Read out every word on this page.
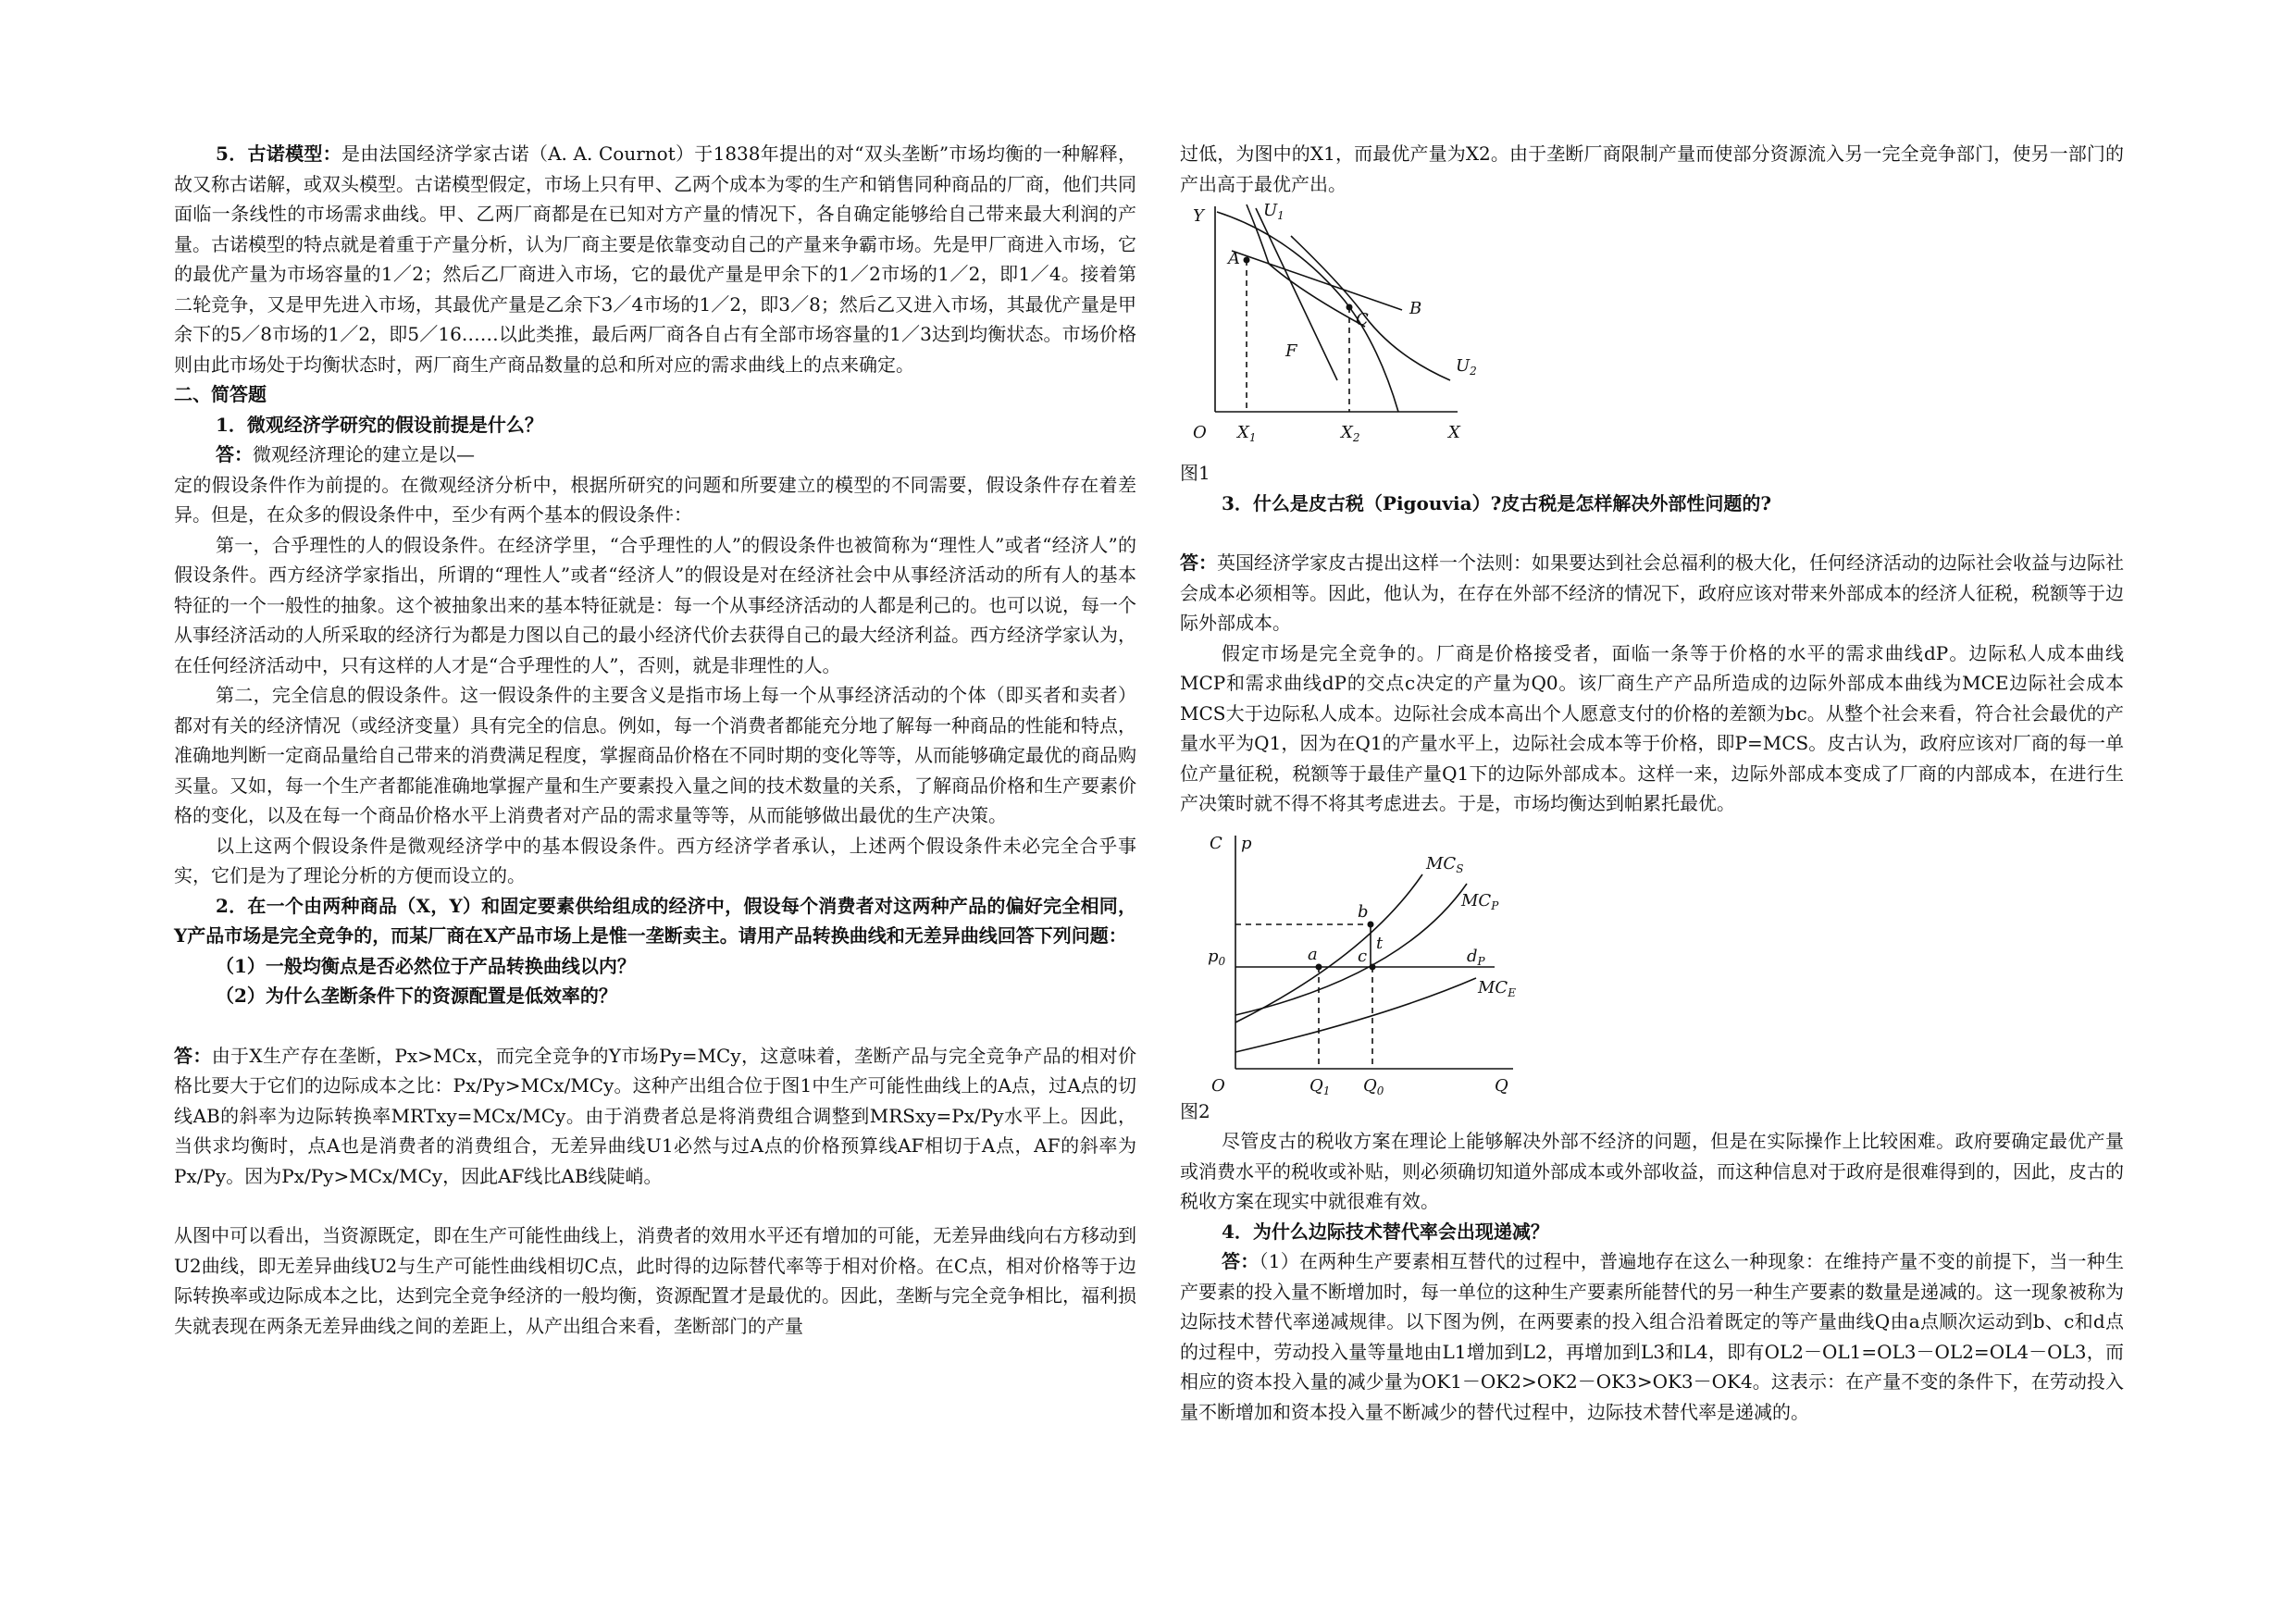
5．古诺模型：是由法国经济学家古诺（A. A. Cournot）于1838年提出的对“双头垄断”市场均衡的一种解释，故又称古诺解，或双头模型。古诺模型假定，市场上只有甲、乙两个成本为零的生产和销售同种商品的厂商，他们共同面临一条线性的市场需求曲线。甲、乙两厂商都是在已知对方产量的情况下，各自确定能够给自己带来最大利润的产量。古诺模型的特点就是着重于产量分析，认为厂商主要是依靠变动自己的产量来争霸市场。先是甲厂商进入市场，它的最优产量为市场容量的1／2；然后乙厂商进入市场，它的最优产量是甲余下的1／2市场的1／2，即1／4。接着第二轮竞争，又是甲先进入市场，其最优产量是乙余下3／4市场的1／2，即3／8；然后乙又进入市场，其最优产量是甲余下的5／8市场的1／2，即5／16……以此类推，最后两厂商各自占有全部市场容量的1／3达到均衡状态。市场价格则由此市场处于均衡状态时，两厂商生产商品数量的总和所对应的需求曲线上的点来确定。

二、简答题

1．微观经济学研究的假设前提是什么？

答：微观经济理论的建立是以—

定的假设条件作为前提的。在微观经济分析中，根据所研究的问题和所要建立的模型的不同需要，假设条件存在着差异。但是，在众多的假设条件中，至少有两个基本的假设条件：

第一，合乎理性的人的假设条件。在经济学里，“合乎理性的人”的假设条件也被简称为“理性人”或者“经济人”的假设条件。西方经济学家指出，所谓的“理性人”或者“经济人”的假设是对在经济社会中从事经济活动的所有人的基本特征的一个一般性的抽象。这个被抽象出来的基本特征就是：每一个从事经济活动的人都是利己的。也可以说，每一个从事经济活动的人所采取的经济行为都是力图以自己的最小经济代价去获得自己的最大经济利益。西方经济学家认为，在任何经济活动中，只有这样的人才是“合乎理性的人”，否则，就是非理性的人。

第二，完全信息的假设条件。这一假设条件的主要含义是指市场上每一个从事经济活动的个体（即买者和卖者）都对有关的经济情况（或经济变量）具有完全的信息。例如，每一个消费者都能充分地了解每一种商品的性能和特点，准确地判断一定商品量给自己带来的消费满足程度，掌握商品价格在不同时期的变化等等，从而能够确定最优的商品购买量。又如，每一个生产者都能准确地掌握产量和生产要素投入量之间的技术数量的关系，了解商品价格和生产要素价格的变化，以及在每一个商品价格水平上消费者对产品的需求量等等，从而能够做出最优的生产决策。

以上这两个假设条件是微观经济学中的基本假设条件。西方经济学者承认，上述两个假设条件未必完全合乎事实，它们是为了理论分析的方便而设立的。

2．在一个由两种商品（X，Y）和固定要素供给组成的经济中，假设每个消费者对这两种产品的偏好完全相同，Y产品市场是完全竞争的，而某厂商在X产品市场上是惟一垄断卖主。请用产品转换曲线和无差异曲线回答下列问题：

（1）一般均衡点是否必然位于产品转换曲线以内？

（2）为什么垄断条件下的资源配置是低效率的？

答：由于X生产存在垄断，Px>MCx，而完全竞争的Y市场Py=MCy，这意味着，垄断产品与完全竞争产品的相对价格比要大于它们的边际成本之比：Px/Py>MCx/MCy。这种产出组合位于图1中生产可能性曲线上的A点，过A点的切线AB的斜率为边际转换率MRTxy=MCx/MCy。由于消费者总是将消费组合调整到MRSxy=Px/Py水平上。因此，当供求均衡时，点A也是消费者的消费组合，无差异曲线U1必然与过A点的价格预算线AF相切于A点，AF的斜率为Px/Py。因为Px/Py>MCx/MCy，因此AF线比AB线陡峭。

从图中可以看出，当资源既定，即在生产可能性曲线上，消费者的效用水平还有增加的可能，无差异曲线向右方移动到U2曲线，即无差异曲线U2与生产可能性曲线相切C点，此时得的边际替代率等于相对价格。在C点，相对价格等于边际转换率或边际成本之比，达到完全竞争经济的一般均衡，资源配置才是最优的。因此，垄断与完全竞争相比，福利损失就表现在两条无差异曲线之间的差距上，从产出组合来看，垄断部门的产量

过低，为图中的X1，而最优产量为X2。由于垄断厂商限制产量而使部分资源流入另一完全竞争部门，使另一部门的产出高于最优产出。

Y
O	X
$X_1$	$X_2$
$U_1$
$U_2$
A
B
C
F

图1

3．什么是皮古税（Pigouvia）?皮古税是怎样解决外部性问题的?

答：英国经济学家皮古提出这样一个法则：如果要达到社会总福利的极大化，任何经济活动的边际社会收益与边际社会成本必须相等。因此，他认为，在存在外部不经济的情况下，政府应该对带来外部成本的经济人征税，税额等于边际外部成本。

假定市场是完全竞争的。厂商是价格接受者，面临一条等于价格的水平的需求曲线dP。边际私人成本曲线MCP和需求曲线dP的交点c决定的产量为Q0。该厂商生产产品所造成的边际外部成本曲线为MCE边际社会成本MCS大于边际私人成本。边际社会成本高出个人愿意支付的价格的差额为bc。从整个社会来看，符合社会最优的产量水平为Q1，因为在Q1的产量水平上，边际社会成本等于价格，即P=MCS。皮古认为，政府应该对厂商的每一单位产量征税，税额等于最佳产量Q1下的边际外部成本。这样一来，边际外部成本变成了厂商的内部成本，在进行生产决策时就不得不将其考虑进去。于是，市场均衡达到帕累托最优。

C p
$p_0$
O	Q
$Q_1$ $Q_0$
$MC_S$
$MC_P$
$MC_E$
$d_P$
a
b
c
t

图2

尽管皮古的税收方案在理论上能够解决外部不经济的问题，但是在实际操作上比较困难。政府要确定最优产量或消费水平的税收或补贴，则必须确切知道外部成本或外部收益，而这种信息对于政府是很难得到的，因此，皮古的税收方案在现实中就很难有效。

4．为什么边际技术替代率会出现递减？

答：（1）在两种生产要素相互替代的过程中，普遍地存在这么一种现象：在维持产量不变的前提下，当一种生产要素的投入量不断增加时，每一单位的这种生产要素所能替代的另一种生产要素的数量是递减的。这一现象被称为边际技术替代率递减规律。以下图为例，在两要素的投入组合沿着既定的等产量曲线Q由a点顺次运动到b、c和d点的过程中，劳动投入量等量地由L1增加到L2，再增加到L3和L4，即有OL2－OL1=OL3－OL2=OL4－OL3，而相应的资本投入量的减少量为OK1－OK2>OK2－OK3>OK3－OK4。这表示：在产量不变的条件下，在劳动投入量不断增加和资本投入量不断减少的替代过程中，边际技术替代率是递减的。
